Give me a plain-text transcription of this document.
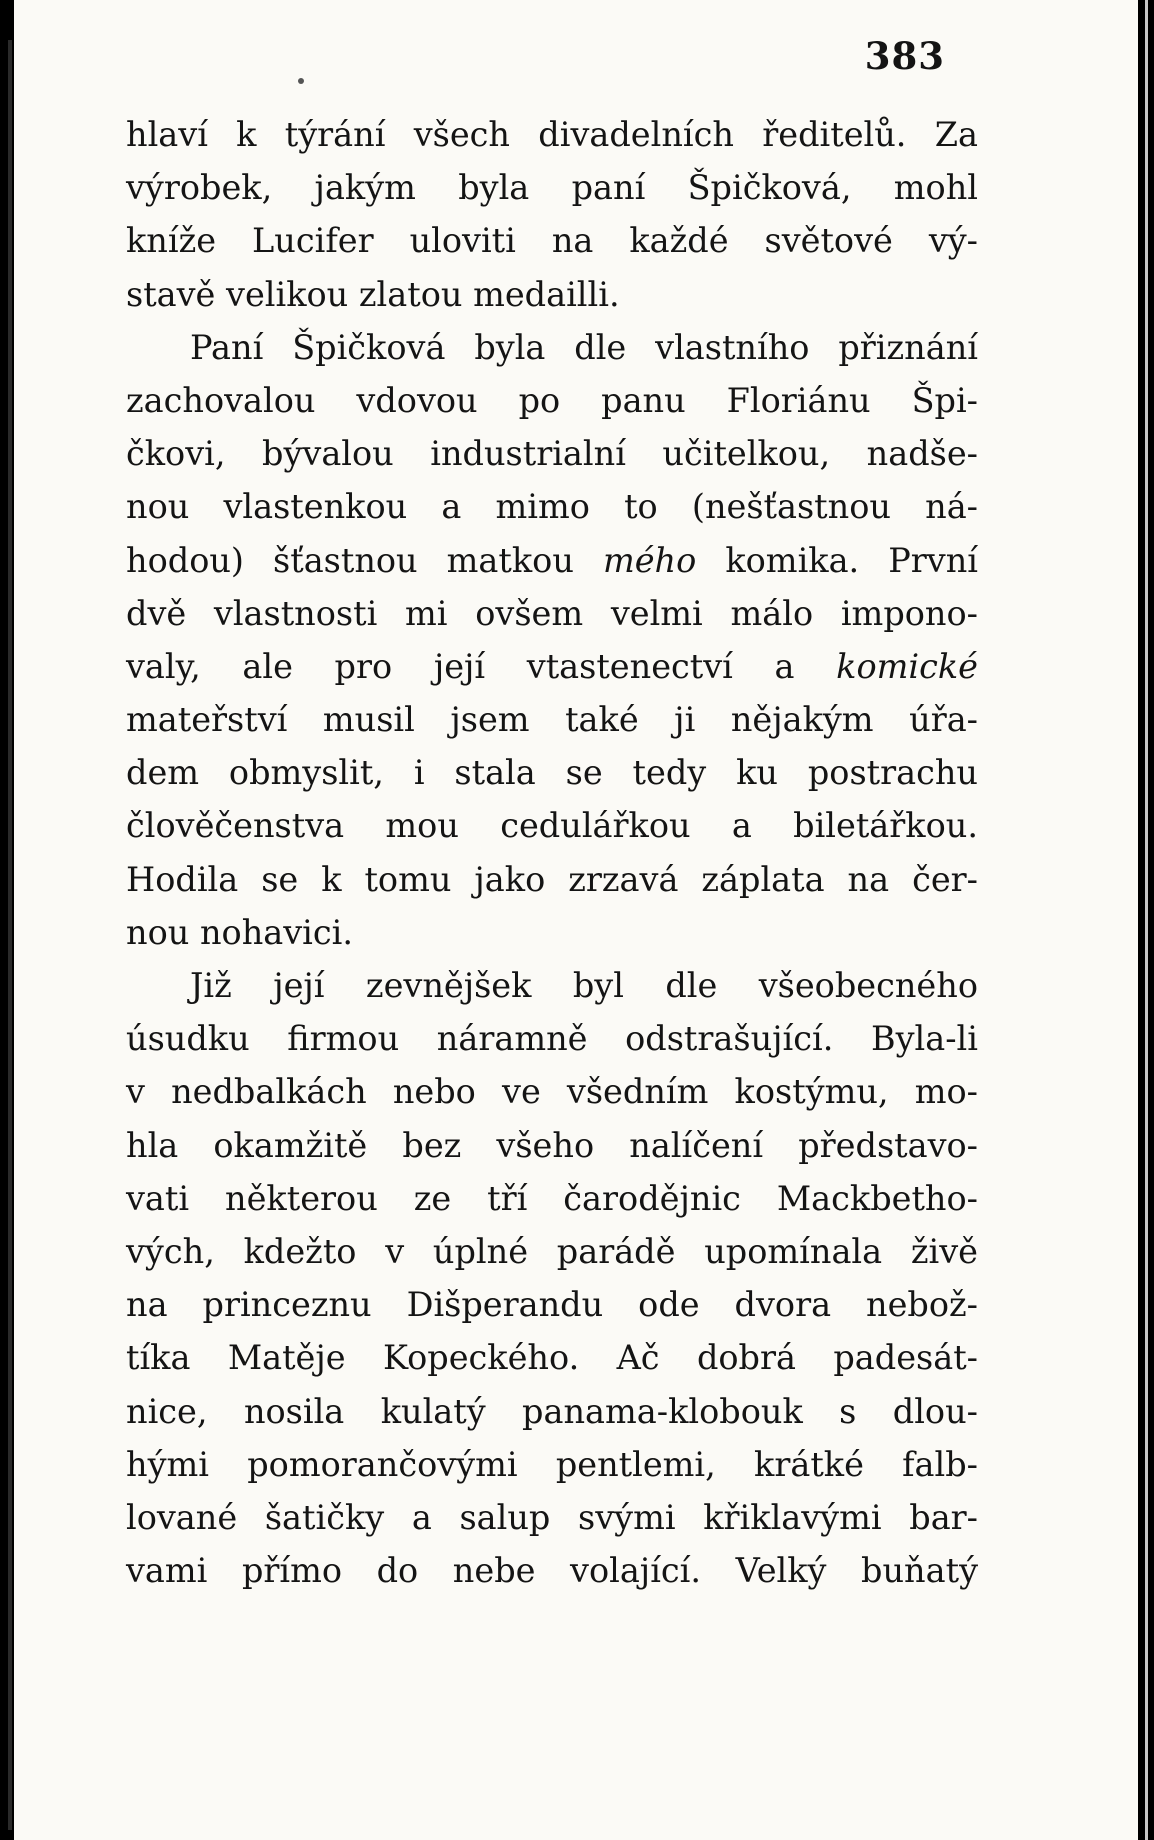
383
hlaví k týrání všech divadelních ředitelů. Za
výrobek, jakým byla paní Špičková, mohl
kníže Lucifer uloviti na každé světové vý-
stavě velikou zlatou medailli.
Paní Špičková byla dle vlastního přiznání
zachovalou vdovou po panu Floriánu Špi-
čkovi, bývalou industrialní učitelkou, nadše-
nou vlastenkou a mimo to (nešťastnou ná-
hodou) šťastnou matkou mého komika. První
dvě vlastnosti mi ovšem velmi málo impono-
valy, ale pro její vtastenectví a komické
mateřství musil jsem také ji nějakým úřa-
dem obmyslit, i stala se tedy ku postrachu
člověčenstva mou cedulářkou a biletářkou.
Hodila se k tomu jako zrzavá záplata na čer-
nou nohavici.
Již její zevnějšek byl dle všeobecného
úsudku firmou náramně odstrašující. Byla-li
v nedbalkách nebo ve všedním kostýmu, mo-
hla okamžitě bez všeho nalíčení představo-
vati některou ze tří čarodějnic Mackbetho-
vých, kdežto v úplné parádě upomínala živě
na princeznu Dišperandu ode dvora nebož-
tíka Matěje Kopeckého. Ač dobrá padesát-
nice, nosila kulatý panama-klobouk s dlou-
hými pomorančovými pentlemi, krátké falb-
lované šatičky a salup svými křiklavými bar-
vami přímo do nebe volající. Velký buňatý
